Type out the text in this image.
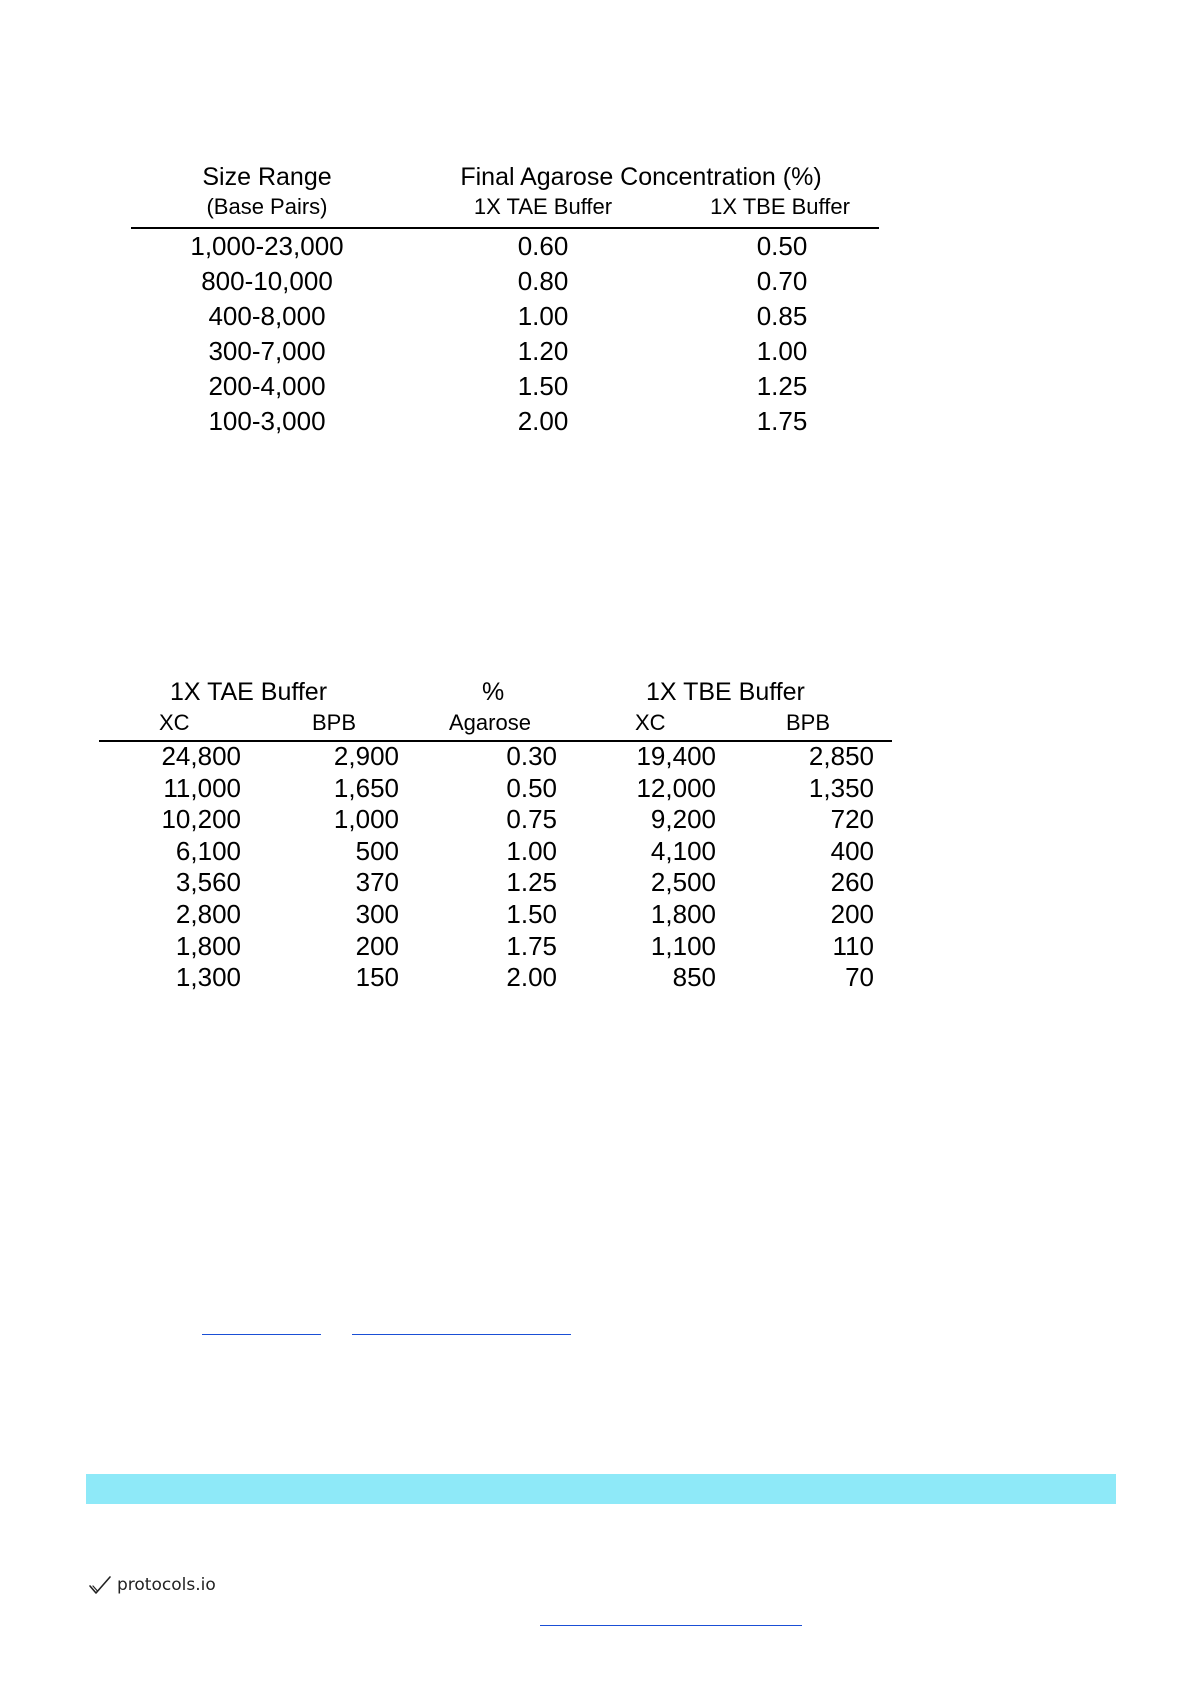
Size Range
(Base Pairs)
Final Agarose Concentration (%)
1X TAE Buffer	1X TBE Buffer
1,000-23,000	0.60	0.50
800-10,000	0.80	0.70
400-8,000	1.00	0.85
300-7,000	1.20	1.00
200-4,000	1.50	1.25
100-3,000	2.00	1.75
1X TAE Buffer	%	1X TBE Buffer
XC	BPB	Agarose	XC	BPB
24,800	2,900	0.30	19,400	2,850
11,000	1,650	0.50	12,000	1,350
10,200	1,000	0.75	9,200	720
6,100	500	1.00	4,100	400
3,560	370	1.25	2,500	260
2,800	300	1.50	1,800	200
1,800	200	1.75	1,100	110
1,300	150	2.00	850	70
protocols.io
